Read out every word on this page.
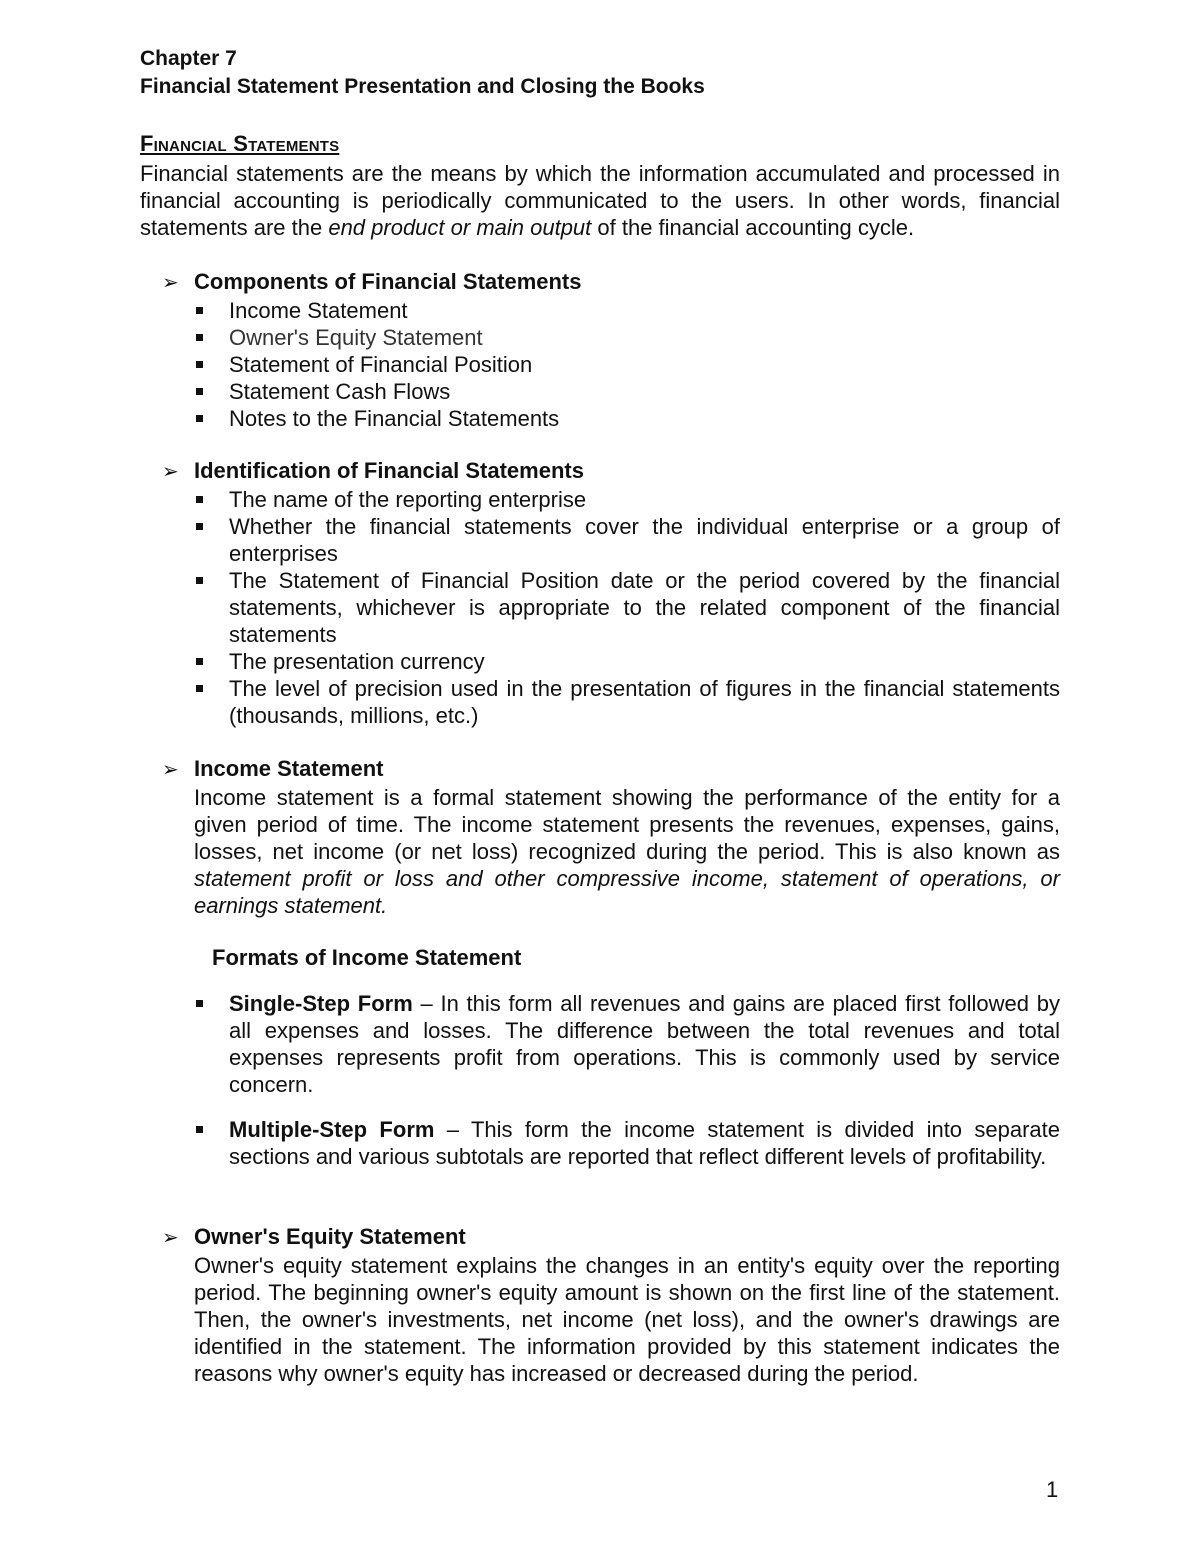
Chapter 7
Financial Statement Presentation and Closing the Books
Financial Statements

Financial statements are the means by which the information accumulated and processed in financial accounting is periodically communicated to the users. In other words, financial statements are the end product or main output of the financial accounting cycle.

➢ Components of Financial Statements
Income Statement
Owner's Equity Statement
Statement of Financial Position
Statement Cash Flows
Notes to the Financial Statements
➢ Identification of Financial Statements
The name of the reporting enterprise
Whether the financial statements cover the individual enterprise or a group of enterprises
The Statement of Financial Position date or the period covered by the financial statements, whichever is appropriate to the related component of the financial statements
The presentation currency
The level of precision used in the presentation of figures in the financial statements (thousands, millions, etc.)
➢ Income Statement
Income statement is a formal statement showing the performance of the entity for a given period of time. The income statement presents the revenues, expenses, gains, losses, net income (or net loss) recognized during the period. This is also known as statement profit or loss and other compressive income, statement of operations, or earnings statement.
Formats of Income Statement
Single-Step Form – In this form all revenues and gains are placed first followed by all expenses and losses. The difference between the total revenues and total expenses represents profit from operations. This is commonly used by service concern.
Multiple-Step Form – This form the income statement is divided into separate sections and various subtotals are reported that reflect different levels of profitability.
➢ Owner's Equity Statement
Owner's equity statement explains the changes in an entity's equity over the reporting period. The beginning owner's equity amount is shown on the first line of the statement. Then, the owner's investments, net income (net loss), and the owner's drawings are identified in the statement. The information provided by this statement indicates the reasons why owner's equity has increased or decreased during the period.
1
